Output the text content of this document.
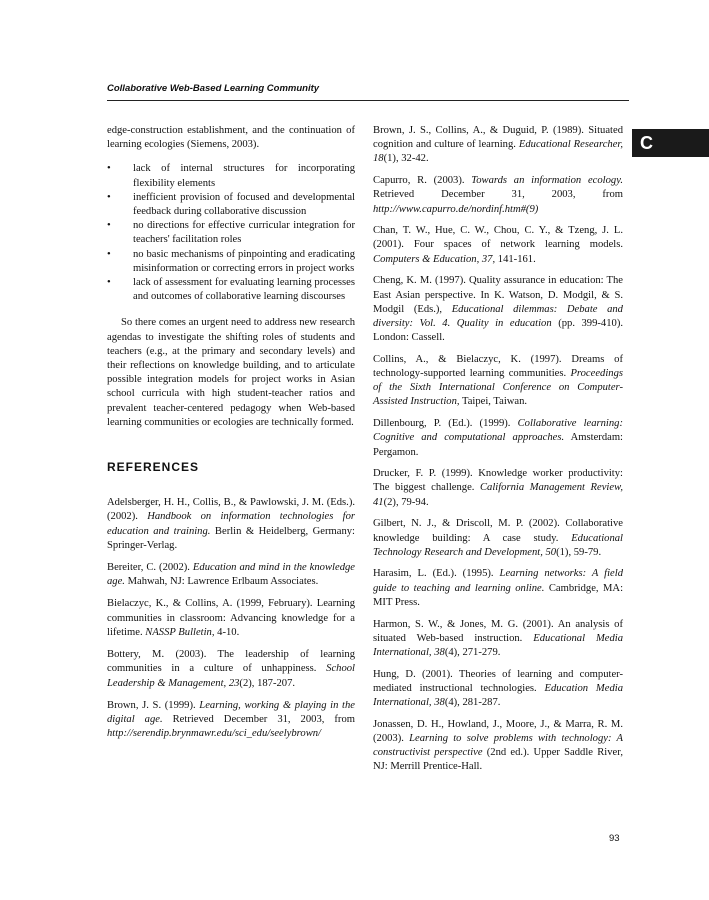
Collaborative Web-Based Learning Community
C

edge-construction establishment, and the continuation of learning ecologies (Siemens, 2003).

• lack of internal structures for incorporating flexibility elements
• inefficient provision of focused and developmental feedback during collaborative discussion
• no directions for effective curricular integration for teachers' facilitation roles
• no basic mechanisms of pinpointing and eradicating misinformation or correcting errors in project works
• lack of assessment for evaluating learning processes and outcomes of collaborative learning discourses

So there comes an urgent need to address new research agendas to investigate the shifting roles of students and teachers (e.g., at the primary and secondary levels) and their reflections on knowledge building, and to articulate possible integration models for project works in Asian school curricula with high student-teacher ratios and prevalent teacher-centered pedagogy when Web-based learning communities or ecologies are technically formed.

REFERENCES

Adelsberger, H. H., Collis, B., & Pawlowski, J. M. (Eds.). (2002). Handbook on information technologies for education and training. Berlin & Heidelberg, Germany: Springer-Verlag.

Bereiter, C. (2002). Education and mind in the knowledge age. Mahwah, NJ: Lawrence Erlbaum Associates.

Bielaczyc, K., & Collins, A. (1999, February). Learning communities in classroom: Advancing knowledge for a lifetime. NASSP Bulletin, 4-10.

Bottery, M. (2003). The leadership of learning communities in a culture of unhappiness. School Leadership & Management, 23(2), 187-207.

Brown, J. S. (1999). Learning, working & playing in the digital age. Retrieved December 31, 2003, from http://serendip.brynmawr.edu/sci_edu/seelybrown/

Brown, J. S., Collins, A., & Duguid, P. (1989). Situated cognition and culture of learning. Educational Researcher, 18(1), 32-42.

Capurro, R. (2003). Towards an information ecology. Retrieved December 31, 2003, from http://www.capurro.de/nordinf.htm#(9)

Chan, T. W., Hue, C. W., Chou, C. Y., & Tzeng, J. L. (2001). Four spaces of network learning models. Computers & Education, 37, 141-161.

Cheng, K. M. (1997). Quality assurance in education: The East Asian perspective. In K. Watson, D. Modgil, & S. Modgil (Eds.), Educational dilemmas: Debate and diversity: Vol. 4. Quality in education (pp. 399-410). London: Cassell.

Collins, A., & Bielaczyc, K. (1997). Dreams of technology-supported learning communities. Proceedings of the Sixth International Conference on Computer-Assisted Instruction, Taipei, Taiwan.

Dillenbourg, P. (Ed.). (1999). Collaborative learning: Cognitive and computational approaches. Amsterdam: Pergamon.

Drucker, F. P. (1999). Knowledge worker productivity: The biggest challenge. California Management Review, 41(2), 79-94.

Gilbert, N. J., & Driscoll, M. P. (2002). Collaborative knowledge building: A case study. Educational Technology Research and Development, 50(1), 59-79.

Harasim, L. (Ed.). (1995). Learning networks: A field guide to teaching and learning online. Cambridge, MA: MIT Press.

Harmon, S. W., & Jones, M. G. (2001). An analysis of situated Web-based instruction. Educational Media International, 38(4), 271-279.

Hung, D. (2001). Theories of learning and computer-mediated instructional technologies. Education Media International, 38(4), 281-287.

Jonassen, D. H., Howland, J., Moore, J., & Marra, R. M. (2003). Learning to solve problems with technology: A constructivist perspective (2nd ed.). Upper Saddle River, NJ: Merrill Prentice-Hall.

93
